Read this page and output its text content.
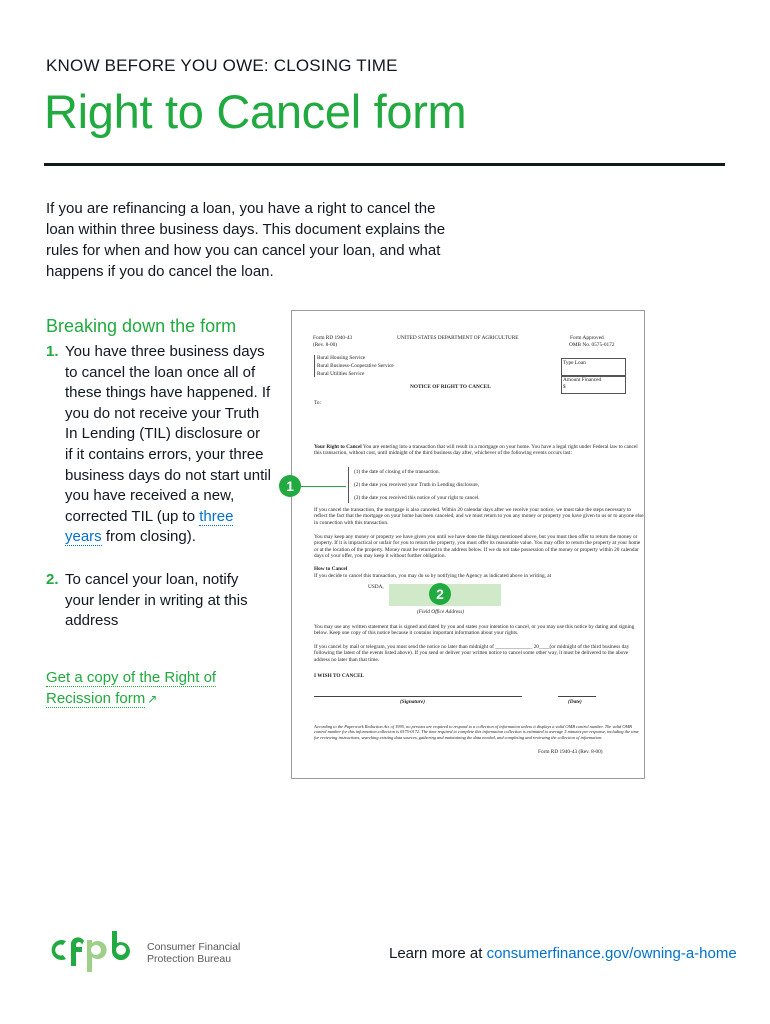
KNOW BEFORE YOU OWE: CLOSING TIME
Right to Cancel form
If you are refinancing a loan, you have a right to cancel the loan within three business days. This document explains the rules for when and how you can cancel your loan, and what happens if you do cancel the loan.
Breaking down the form
1. You have three business days to cancel the loan once all of these things have happened. If you do not receive your Truth In Lending (TIL) disclosure or if it contains errors, your three business days do not start until you have received a new, corrected TIL (up to three years from closing).
2. To cancel your loan, notify your lender in writing at this address
Get a copy of the Right of Recission form ↗
Form RD 1940-43
(Rev. 8-00)
UNITED STATES DEPARTMENT OF AGRICULTURE	Form Approved
OMB No. 0575-0172
Rural Housing Service
Rural Business-Cooperative Service
Rural Utilities Service
Type Loan
Amount Financed
$
NOTICE OF RIGHT TO CANCEL
To:
Your Right to Cancel You are entering into a transaction that will result in a mortgage on your home. You have a legal right under Federal law to cancel this transaction, without cost, until midnight of the third business day after, whichever of the following events occurs last:
(1) the date of closing of the transaction.
(2) the date you received your Truth in Lending disclosure,
(3) the date you received this notice of your right to cancel.
If you cancel the transaction, the mortgage is also canceled. Within 20 calendar days after we receive your notice, we must take the steps necessary to reflect the fact that the mortgage on your home has been canceled, and we must return to you any money or property you have given to us or to anyone else in connection with this transaction.
You may keep any money or property we have given you until we have done the things mentioned above, but you must then offer to return the money or property. If it is impractical or unfair for you to return the property, you must offer its reasonable value. You may offer to return the property at your home or at the location of the property. Money must be returned to the address below. If we do not take possession of the money or property within 20 calendar days of your offer, you may keep it without further obligation.
How to Cancel
If you decide to cancel this transaction, you may do so by notifying the Agency as indicated above in writing, at
USDA,
(Field Office Address)
You may use any written statement that is signed and dated by you and states your intention to cancel, or you may use this notice by dating and signing below. Keep one copy of this notice because it contains important information about your rights.
If you cancel by mail or telegram, you must send the notice no later than midnight of ______________ 20____(or midnight of the third business day following the latest of the events listed above). If you send or deliver your written notice to cancel some other way, it must be delivered to the above address no later than that time.
I WISH TO CANCEL
(Signature)	(Date)
According to the Paperwork Reduction Act of 1995, no persons are required to respond to a collection of information unless it displays a valid OMB control number. The valid OMB control number for this information collection is 0575-0172. The time required to complete this information collection is estimated to average 5 minutes per response, including the time for reviewing instructions, searching existing data sources, gathering and maintaining the data needed, and completing and reviewing the collection of information.
Form RD 1940-43 (Rev. 8-00)
1
2
cfpb
Consumer Financial
Protection Bureau	Learn more at consumerfinance.gov/owning-a-home
